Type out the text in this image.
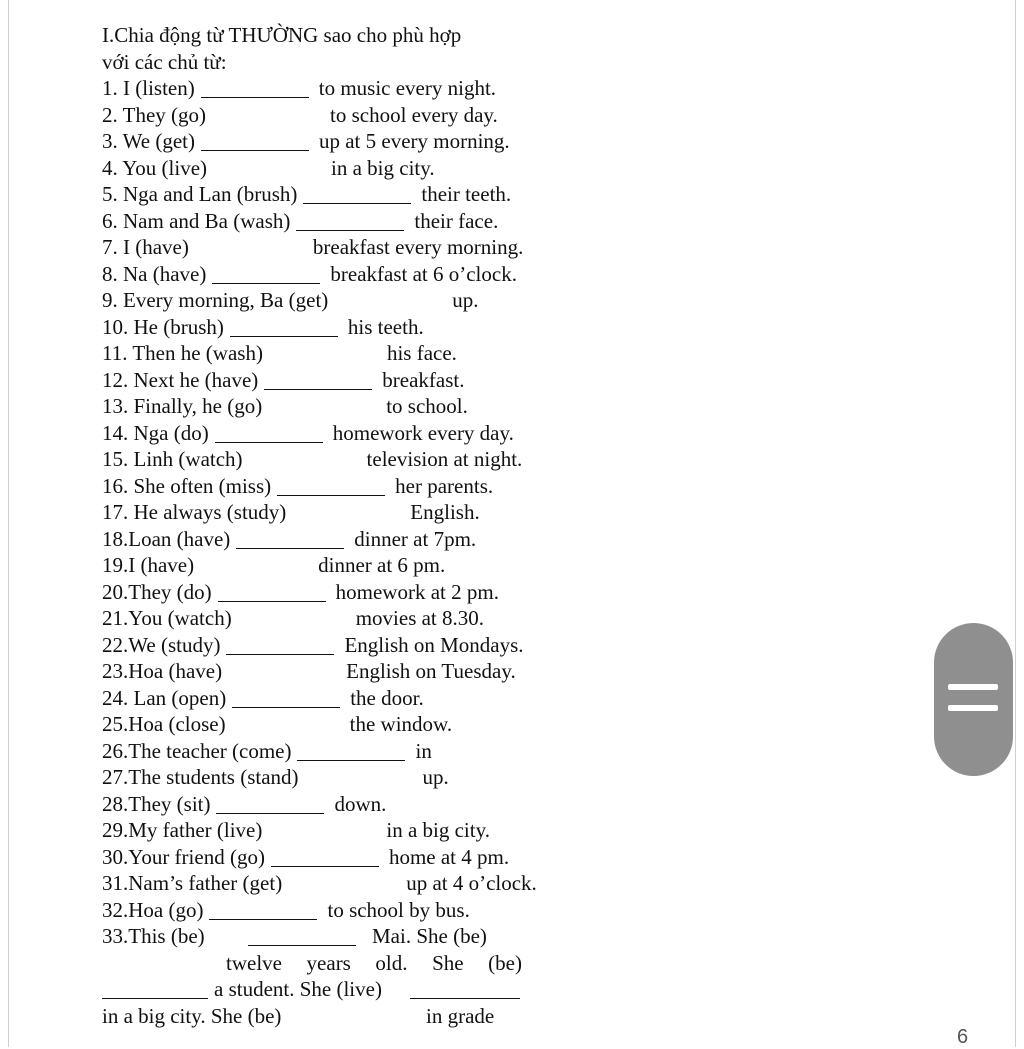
I.Chia động từ THƯỜNG sao cho phù hợp
với các chủ từ:
1. I (listen)	to music every night.
2. They (go)	to school every day.
3. We (get)	up at 5 every morning.
4. You (live)	in a big city.
5. Nga and Lan (brush)	their teeth.
6. Nam and Ba (wash)	their face.
7. I (have)	breakfast every morning.
8. Na (have)	breakfast at 6 o’clock.
9. Every morning, Ba (get)	up.
10. He (brush)	his teeth.
11. Then he (wash)	his face.
12. Next he (have)	breakfast.
13. Finally, he (go)	to school.
14. Nga (do)	homework every day.
15. Linh (watch)	television at night.
16. She often (miss)	her parents.
17. He always (study)	English.
18.Loan (have)	dinner at 7pm.
19.I (have)	dinner at 6 pm.
20.They (do)	homework at 2 pm.
21.You (watch)	movies at 8.30.
22.We (study)	English on Mondays.
23.Hoa (have)	English on Tuesday.
24. Lan (open)	the door.
25.Hoa (close)	the window.
26.The teacher (come)	in
27.The students (stand)	up.
28.They (sit)	down.
29.My father (live)	in a big city.
30.Your friend (go)	home at 4 pm.
31.Nam’s father (get)	up at 4 o’clock.
32.Hoa (go)	to school by bus.
33.This (be)	Mai. She (be)
twelve years old. She (be)
a student. She (live)
in a big city. She (be)	in grade
6
